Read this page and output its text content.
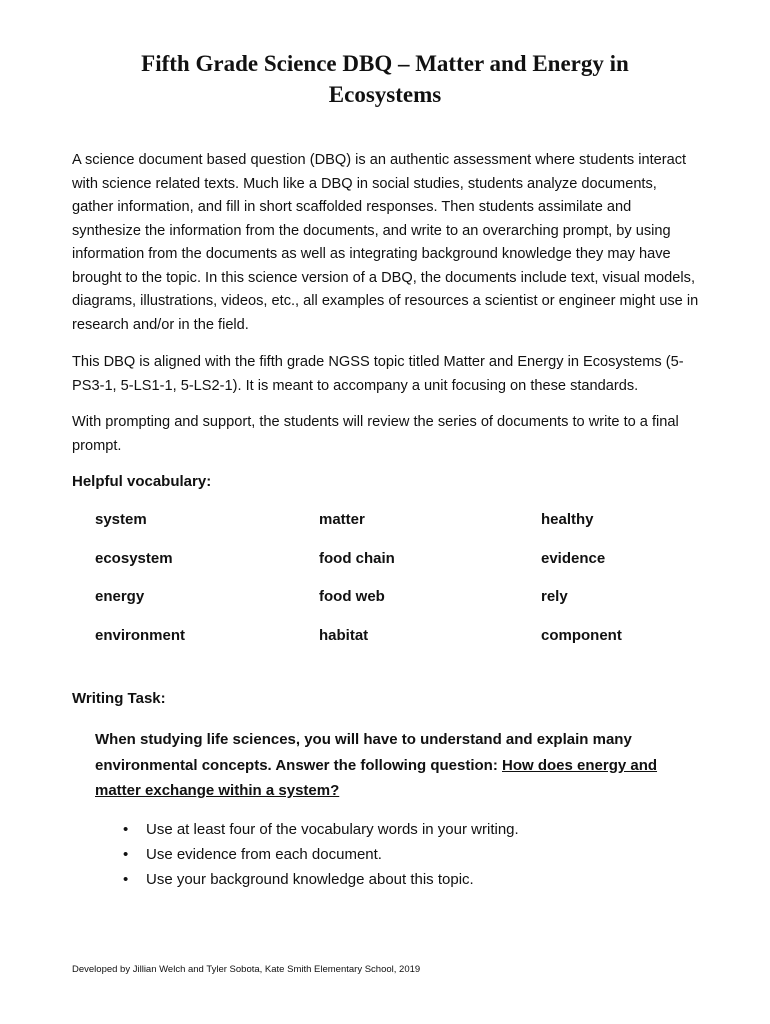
Fifth Grade Science DBQ – Matter and Energy in
Ecosystems

A science document based question (DBQ) is an authentic assessment where students interact with science related texts. Much like a DBQ in social studies, students analyze documents, gather information, and fill in short scaffolded responses. Then students assimilate and synthesize the information from the documents, and write to an overarching prompt, by using information from the documents as well as integrating background knowledge they may have brought to the topic. In this science version of a DBQ, the documents include text, visual models, diagrams, illustrations, videos, etc., all examples of resources a scientist or engineer might use in research and/or in the field.

This DBQ is aligned with the fifth grade NGSS topic titled Matter and Energy in Ecosystems (5-PS3-1, 5-LS1-1, 5-LS2-1). It is meant to accompany a unit focusing on these standards.

With prompting and support, the students will review the series of documents to write to a final prompt.

Helpful vocabulary:

system	matter	healthy
ecosystem	food chain	evidence
energy	food web	rely
environment	habitat	component

Writing Task:

When studying life sciences, you will have to understand and explain many environmental concepts. Answer the following question: How does energy and matter exchange within a system?

• Use at least four of the vocabulary words in your writing.
• Use evidence from each document.
• Use your background knowledge about this topic.

Developed by Jillian Welch and Tyler Sobota, Kate Smith Elementary School, 2019
